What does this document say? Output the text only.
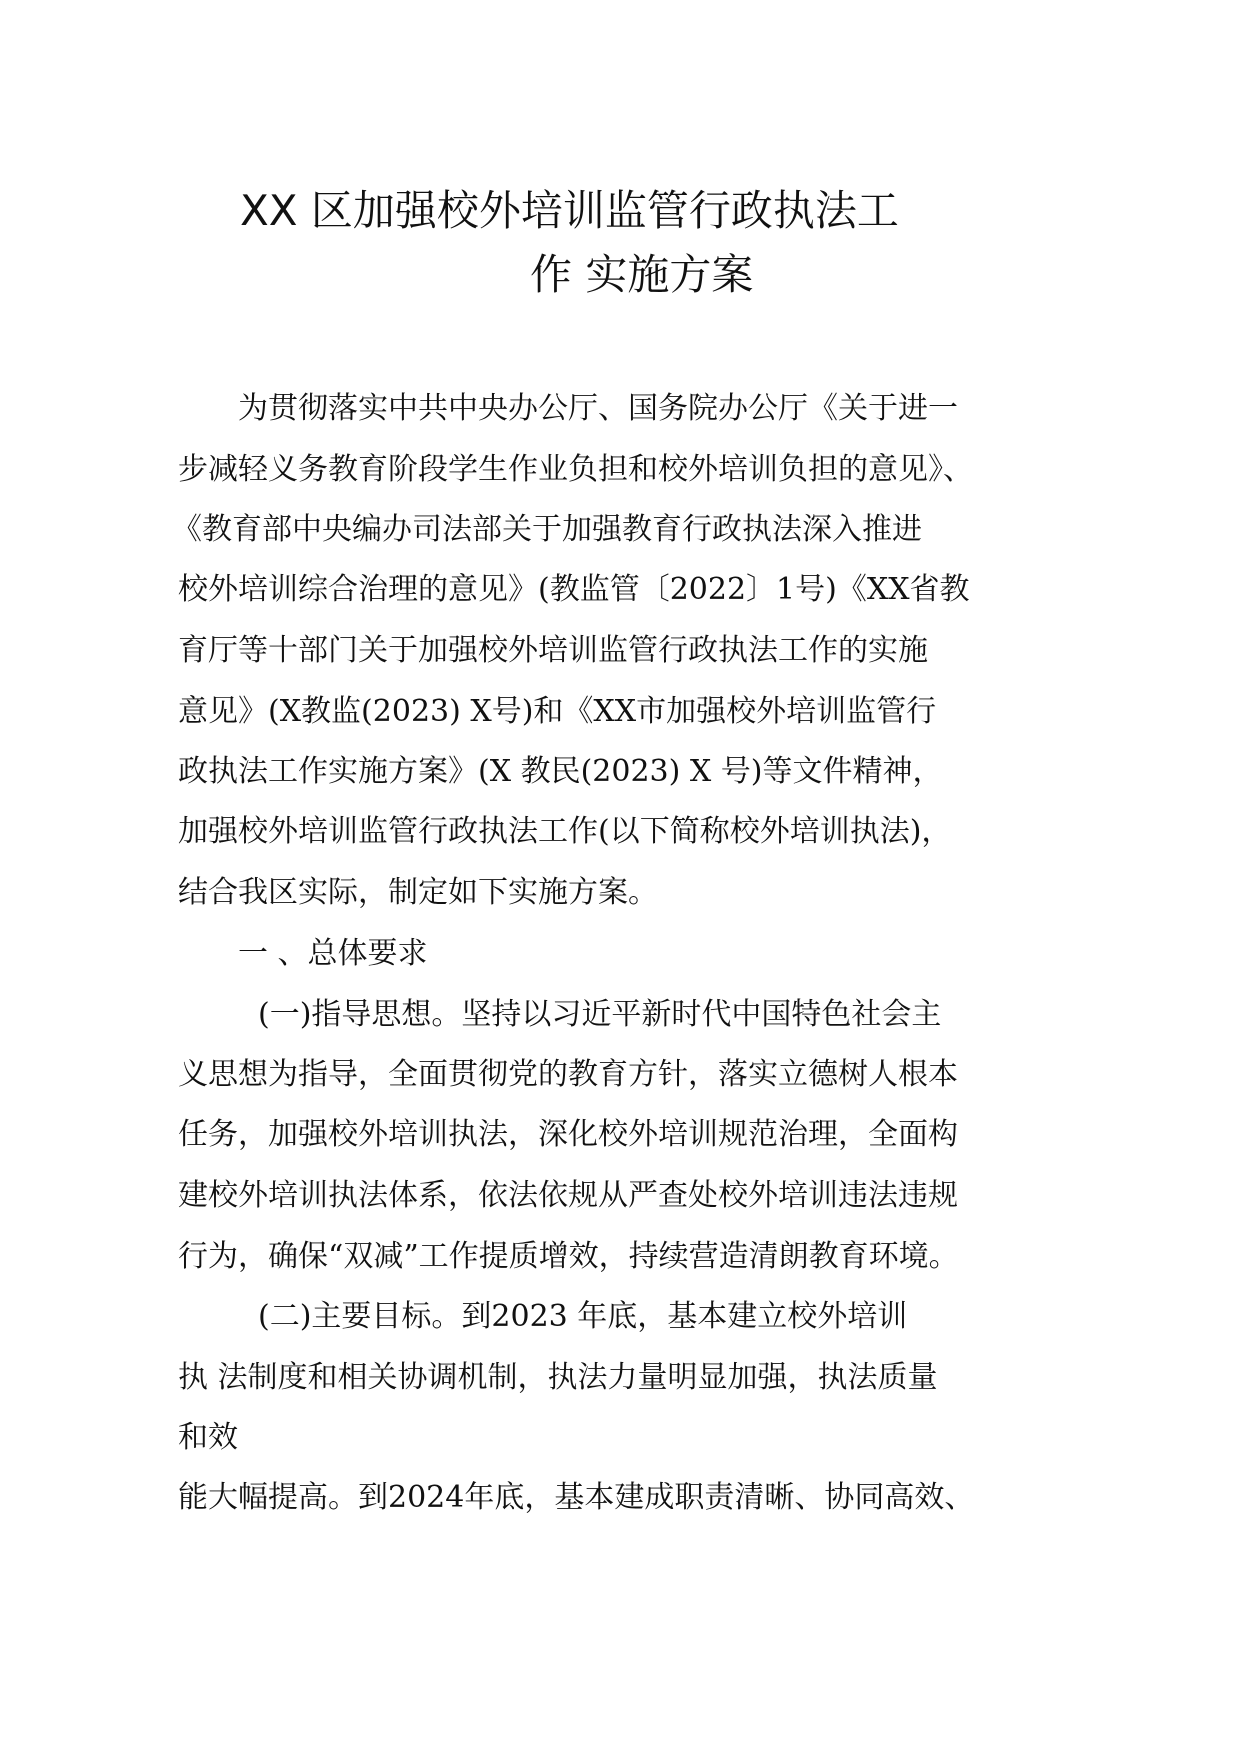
XX 区加强校外培训监管行政执法工
作 实施方案
为贯彻落实中共中央办公厅、国务院办公厅《关于进一
步减轻义务教育阶段学生作业负担和校外培训负担的意见》、
《教育部中央编办司法部关于加强教育行政执法深入推进
校外培训综合治理的意见》(教监管〔2022〕1号)《XX省教
育厅等十部门关于加强校外培训监管行政执法工作的实施
意见》(X教监(2023) X号)和《XX市加强校外培训监管行
政执法工作实施方案》(X 教民(2023) X 号)等文件精神，
加强校外培训监管行政执法工作(以下简称校外培训执法)，
结合我区实际，制定如下实施方案。
一 、总体要求
(一)指导思想。坚持以习近平新时代中国特色社会主
义思想为指导，全面贯彻党的教育方针，落实立德树人根本
任务，加强校外培训执法，深化校外培训规范治理，全面构
建校外培训执法体系，依法依规从严查处校外培训违法违规
行为，确保“双减”工作提质增效，持续营造清朗教育环境。
(二)主要目标。到2023 年底，基本建立校外培训
执 法制度和相关协调机制，执法力量明显加强，执法质量
和效
能大幅提高。到2024年底，基本建成职责清晰、协同高效、
